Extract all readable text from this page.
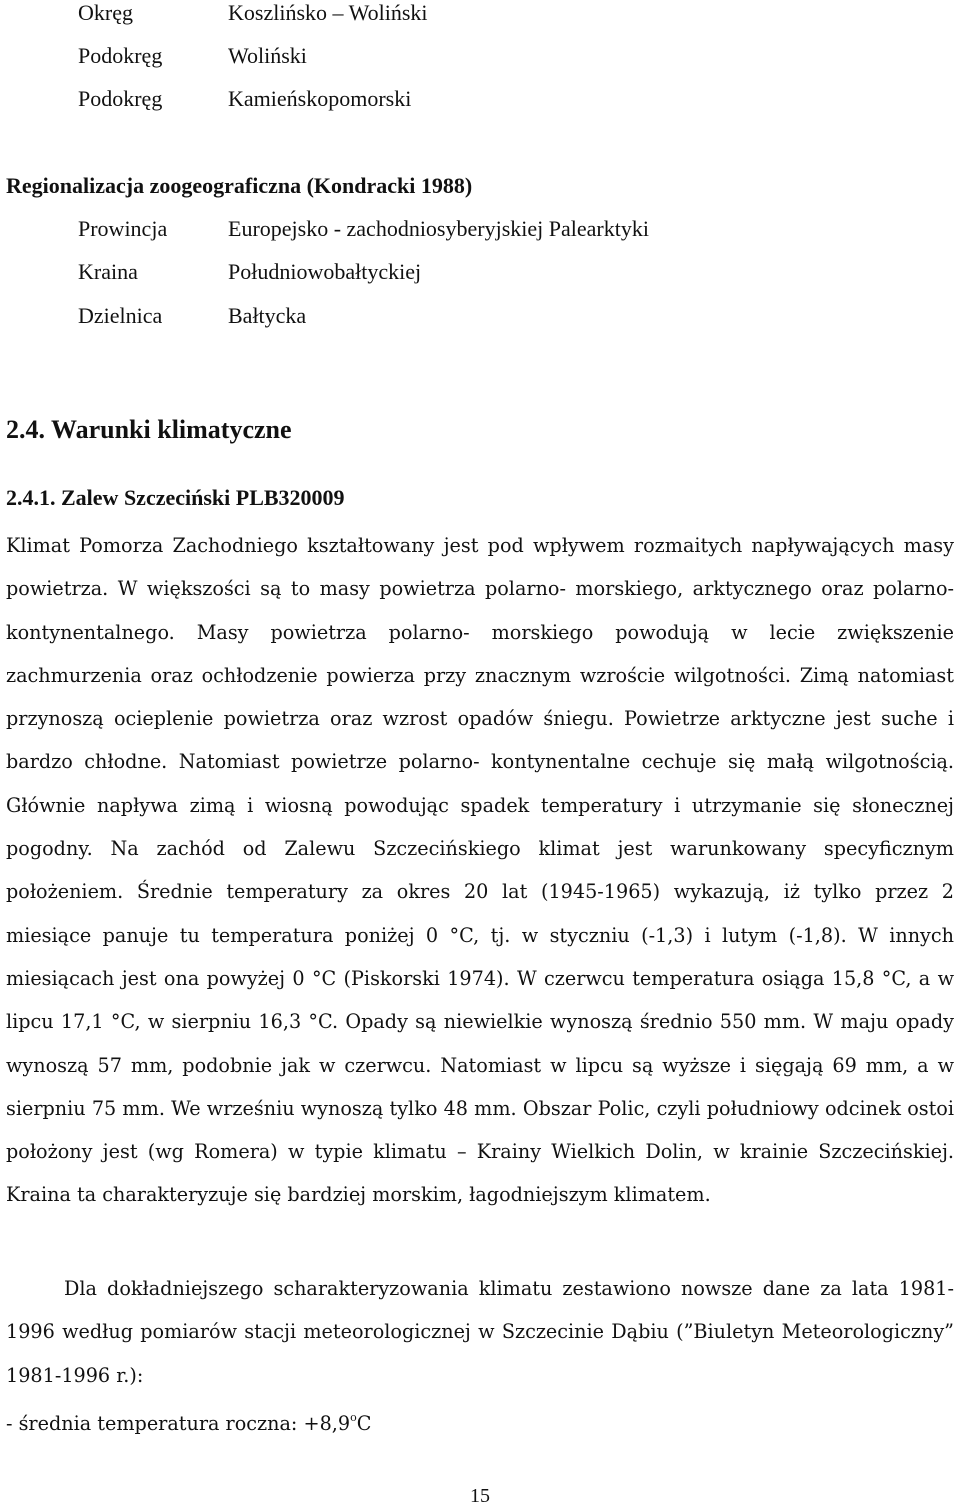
Okręg	Koszlińsko – Woliński
Podokręg	Woliński
Podokręg	Kamieńskopomorski
Regionalizacja zoogeograficzna (Kondracki 1988)
Prowincja	Europejsko - zachodniosyberyjskiej Palearktyki
Kraina	Południowobałtyckiej
Dzielnica	Bałtycka
2.4. Warunki klimatyczne
2.4.1. Zalew Szczeciński PLB320009

Klimat Pomorza Zachodniego kształtowany jest pod wpływem rozmaitych napływających masy powietrza. W większości są to masy powietrza polarno- morskiego, arktycznego oraz polarno- kontynentalnego. Masy powietrza polarno- morskiego powodują w lecie zwiększenie zachmurzenia oraz ochłodzenie powierza przy znacznym wzroście wilgotności. Zimą natomiast przynoszą ocieplenie powietrza oraz wzrost opadów śniegu. Powietrze arktyczne jest suche i bardzo chłodne. Natomiast powietrze polarno- kontynentalne cechuje się małą wilgotnością. Głównie napływa zimą i wiosną powodując spadek temperatury i utrzymanie się słonecznej pogodny. Na zachód od Zalewu Szczecińskiego klimat jest warunkowany specyficznym położeniem. Średnie temperatury za okres 20 lat (1945-1965) wykazują, iż tylko przez 2 miesiące panuje tu temperatura poniżej 0 °C, tj. w styczniu (-1,3) i lutym (-1,8). W innych miesiącach jest ona powyżej 0 °C (Piskorski 1974). W czerwcu temperatura osiąga 15,8 °C, a w lipcu 17,1 °C, w sierpniu 16,3 °C. Opady są niewielkie wynoszą średnio 550 mm. W maju opady wynoszą 57 mm, podobnie jak w czerwcu. Natomiast w lipcu są wyższe i sięgają 69 mm, a w sierpniu 75 mm. We wrześniu wynoszą tylko 48 mm. Obszar Polic, czyli południowy odcinek ostoi położony jest (wg Romera) w typie klimatu – Krainy Wielkich Dolin, w krainie Szczecińskiej. Kraina ta charakteryzuje się bardziej morskim, łagodniejszym klimatem.

Dla dokładniejszego scharakteryzowania klimatu zestawiono nowsze dane za lata 1981-1996 według pomiarów stacji meteorologicznej w Szczecinie Dąbiu (”Biuletyn Meteorologiczny” 1981-1996 r.):

- średnia temperatura roczna: $+8,9^oC$
15
